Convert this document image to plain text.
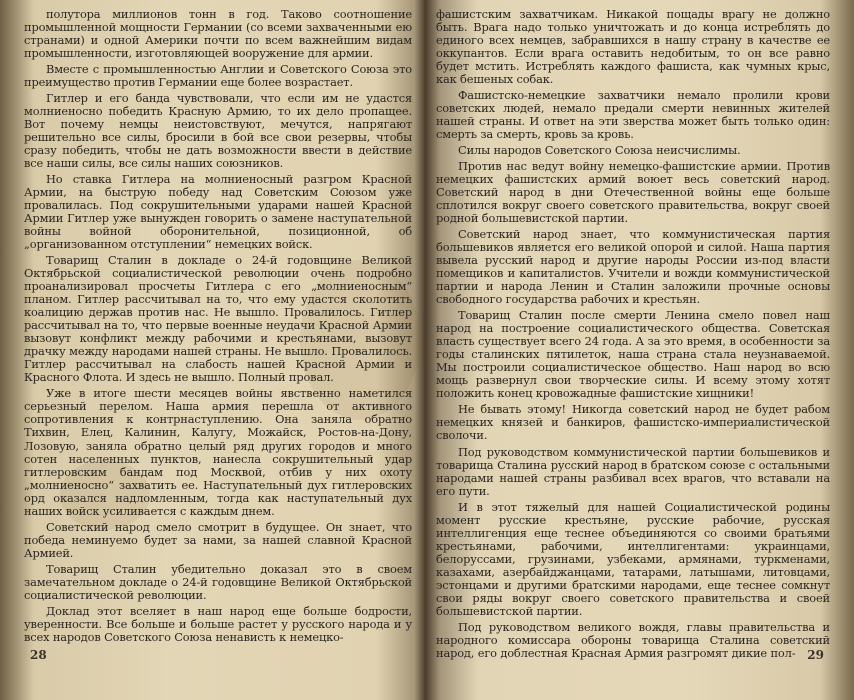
полутора миллионов тонн в год. Таково соотношение промышленной мощности Германии (со всеми захваченными ею странами) и одной Америки почти по всем важнейшим видам промышленности, изготовляющей вооружение для армии.

Вместе с промышленностью Англии и Советского Союза это преимущество против Германии еще более возрастает.

Гитлер и его банда чувствовали, что если им не удастся молниеносно победить Красную Армию, то их дело пропащее. Вот почему немцы неистовствуют, мечутся, напрягают решительно все силы, бросили в бой все свои резервы, чтобы сразу победить, чтобы не дать возможности ввести в действие все наши силы, все силы наших союзников.

Но ставка Гитлера на молниеносный разгром Красной Армии, на быструю победу над Советским Союзом уже провалилась. Под сокрушительными ударами нашей Красной Армии Гитлер уже вынужден говорить о замене наступательной войны войной оборонительной, позиционной, об „организованном отступлении“ немецких войск.

Товарищ Сталин в докладе о 24-й годовщине Великой Октябрьской социалистической революции очень подробно проанализировал просчеты Гитлера с его „молниеносным“ планом. Гитлер рассчитывал на то, что ему удастся сколотить коалицию держав против нас. Не вышло. Провалилось. Гитлер рассчитывал на то, что первые военные неудачи Красной Армии вызовут конфликт между рабочими и крестьянами, вызовут драчку между народами нашей страны. Не вышло. Провалилось. Гитлер рассчитывал на слабость нашей Красной Армии и Красного Флота. И здесь не вышло. Полный провал.

Уже в итоге шести месяцев войны явственно наметился серьезный перелом. Наша армия перешла от активного сопротивления к контрнаступлению. Она заняла обратно Тихвин, Елец, Калинин, Калугу, Можайск, Ростов-на-Дону, Лозовую, заняла обратно целый ряд других городов и много сотен населенных пунктов, нанесла сокрушительный удар гитлеровским бандам под Москвой, отбив у них охоту „молниеносно“ захватить ее. Наступательный дух гитлеровских орд оказался надломленным, тогда как наступательный дух наших войск усиливается с каждым днем.

Советский народ смело смотрит в будущее. Он знает, что победа неминуемо будет за нами, за нашей славной Красной Армией.

Товарищ Сталин убедительно доказал это в своем замечательном докладе о 24-й годовщине Великой Октябрьской социалистической революции.

Доклад этот вселяет в наш народ еще больше бодрости, уверенности. Все больше и больше растет у русского народа и у всех народов Советского Союза ненависть к немецко-

28

фашистским захватчикам. Никакой пощады врагу не должно быть. Врага надо только уничтожать и до конца истреблять до единого всех немцев, забравшихся в нашу страну в качестве ее оккупантов. Если врага оставить недобитым, то он все равно будет мстить. Истреблять каждого фашиста, как чумных крыс, как бешеных собак.

Фашистско-немецкие захватчики немало пролили крови советских людей, немало предали смерти невинных жителей нашей страны. И ответ на эти зверства может быть только один: смерть за смерть, кровь за кровь.

Силы народов Советского Союза неисчислимы.

Против нас ведут войну немецко-фашистские армии. Против немецких фашистских армий воюет весь советский народ. Советский народ в дни Отечественной войны еще больше сплотился вокруг своего советского правительства, вокруг своей родной большевистской партии.

Советский народ знает, что коммунистическая партия большевиков является его великой опорой и силой. Наша партия вывела русский народ и другие народы России из-под власти помещиков и капиталистов. Учители и вожди коммунистической партии и народа Ленин и Сталин заложили прочные основы свободного государства рабочих и крестьян.

Товарищ Сталин после смерти Ленина смело повел наш народ на построение социалистического общества. Советская власть существует всего 24 года. А за это время, в особенности за годы сталинских пятилеток, наша страна стала неузнаваемой. Мы построили социалистическое общество. Наш народ во всю мощь развернул свои творческие силы. И всему этому хотят положить конец кровожадные фашистские хищники!

Не бывать этому! Никогда советский народ не будет рабом немецких князей и банкиров, фашистско-империалистической сволочи.

Под руководством коммунистической партии большевиков и товарища Сталина русский народ в братском союзе с остальными народами нашей страны разбивал всех врагов, что вставали на его пути.

И в этот тяжелый для нашей Социалистической родины момент русские крестьяне, русские рабочие, русская интеллигенция еще теснее объединяются со своими братьями крестьянами, рабочими, интеллигентами: украинцами, белоруссами, грузинами, узбеками, армянами, туркменами, казахами, азербайджанцами, татарами, латышами, литовцами, эстонцами и другими братскими народами, еще теснее сомкнут свои ряды вокруг своего советского правительства и своей большевистской партии.

Под руководством великого вождя, главы правительства и народного комиссара обороны товарища Сталина советский народ, его доблестная Красная Армия разгромят дикие пол- 29
